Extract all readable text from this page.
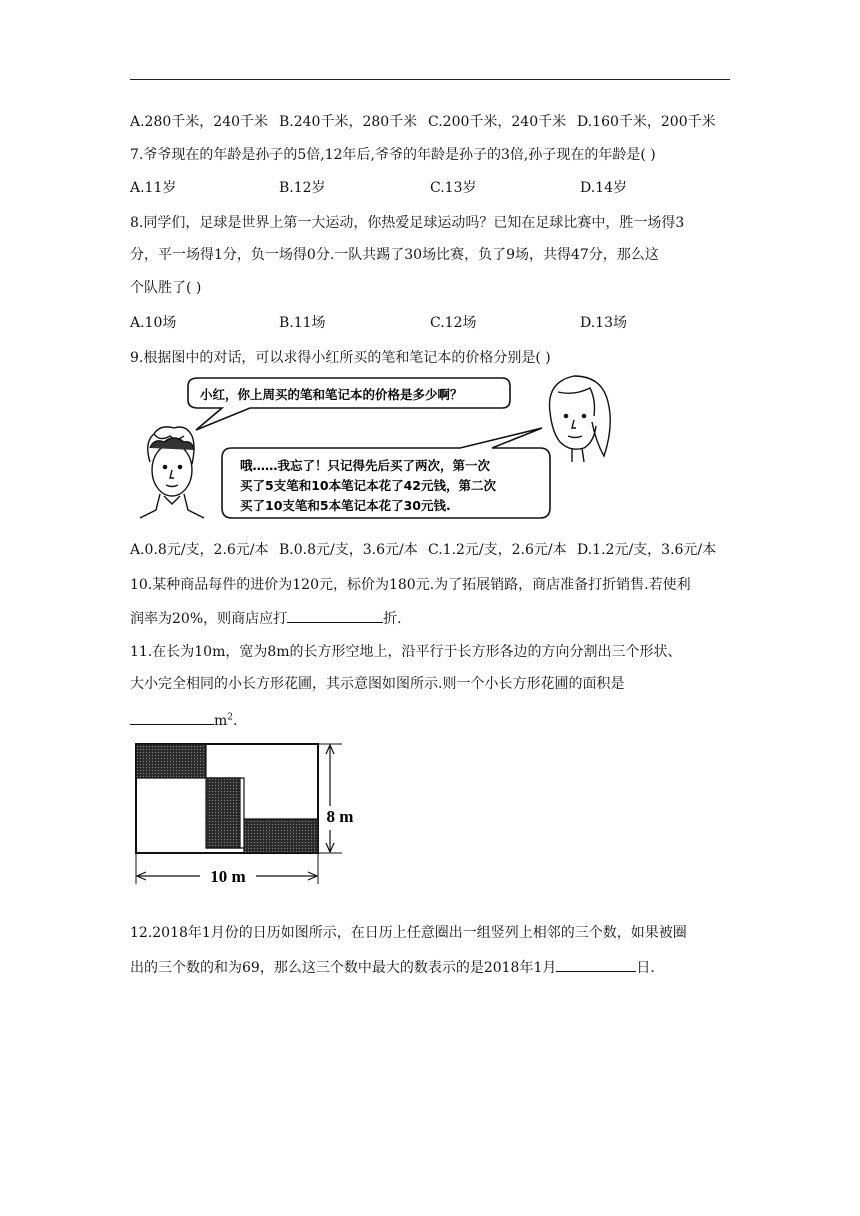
A.280千米，240千米 B.240千米，280千米 C.200千米，240千米 D.160千米，200千米
7.爷爷现在的年龄是孙子的5倍,12年后,爷爷的年龄是孙子的3倍,孙子现在的年龄是( )
A.11岁	B.12岁	C.13岁	D.14岁
8.同学们，足球是世界上第一大运动，你热爱足球运动吗？已知在足球比赛中，胜一场得3
分，平一场得1分，负一场得0分.一队共踢了30场比赛，负了9场，共得47分，那么这
个队胜了( )
A.10场	B.11场	C.12场	D.13场
9.根据图中的对话，可以求得小红所买的笔和笔记本的价格分别是( )
小红，你上周买的笔和笔记本的价格是多少啊？
哦……我忘了！只记得先后买了两次，第一次
买了5支笔和10本笔记本花了42元钱，第二次
买了10支笔和5本笔记本花了30元钱.
A.0.8元/支，2.6元/本 B.0.8元/支，3.6元/本 C.1.2元/支，2.6元/本 D.1.2元/支，3.6元/本
10.某种商品每件的进价为120元，标价为180元.为了拓展销路，商店准备打折销售.若使利
润率为20%，则商店应打	折.
11.在长为10m，宽为8m的长方形空地上，沿平行于长方形各边的方向分割出三个形状、
大小完全相同的小长方形花圃，其示意图如图所示.则一个小长方形花圃的面积是
$m^2$.
10 m
8 m
12.2018年1月份的日历如图所示，在日历上任意圈出一组竖列上相邻的三个数，如果被圈
出的三个数的和为69，那么这三个数中最大的数表示的是2018年1月	日.
